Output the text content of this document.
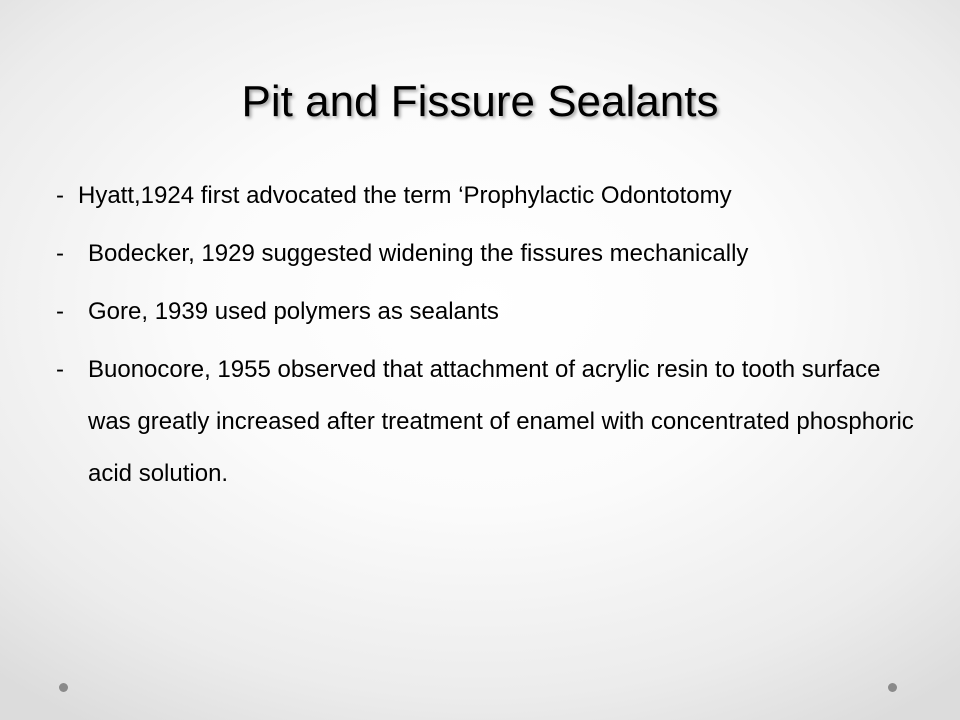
Pit and Fissure Sealants
- Hyatt,1924 first advocated the term ‘Prophylactic Odontotomy
- Bodecker, 1929 suggested widening the fissures mechanically
- Gore, 1939 used polymers as sealants
- Buonocore, 1955 observed that attachment of acrylic resin to tooth surface was greatly increased after treatment of enamel with concentrated phosphoric acid solution.
